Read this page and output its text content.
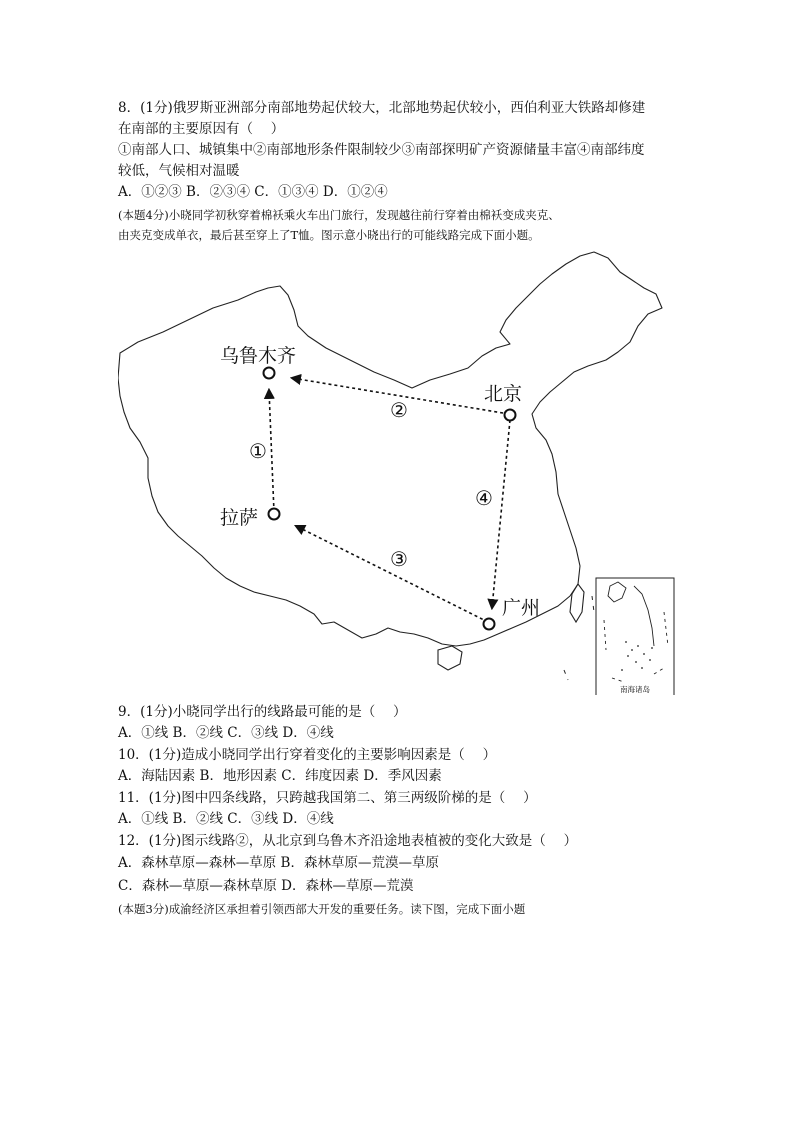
8．(1分)俄罗斯亚洲部分南部地势起伏较大，北部地势起伏较小，西伯利亚大铁路却修建
在南部的主要原因有（　 ）
①南部人口、城镇集中②南部地形条件限制较少③南部探明矿产资源储量丰富④南部纬度
较低，气候相对温暖
A．①②③ B．②③④ C．①③④ D．①②④
(本题4分)小晓同学初秋穿着棉袄乘火车出门旅行，发现越往前行穿着由棉袄变成夹克、
由夹克变成单衣，最后甚至穿上了T恤。图示意小晓出行的可能线路完成下面小题。
南海诸岛
乌鲁木齐
北京
拉萨
广州
①
②
③
④
9．(1分)小晓同学出行的线路最可能的是（　 ）
A．①线 B．②线 C．③线 D．④线
10．(1分)造成小晓同学出行穿着变化的主要影响因素是（　 ）
A．海陆因素 B．地形因素 C．纬度因素 D．季风因素
11．(1分)图中四条线路，只跨越我国第二、第三两级阶梯的是（　 ）
A．①线 B．②线 C．③线 D．④线
12．(1分)图示线路②，从北京到乌鲁木齐沿途地表植被的变化大致是（　 ）
A．森林草原—森林—草原 B．森林草原—荒漠—草原
C．森林—草原—森林草原 D．森林—草原—荒漠
(本题3分)成渝经济区承担着引领西部大开发的重要任务。读下图，完成下面小题
